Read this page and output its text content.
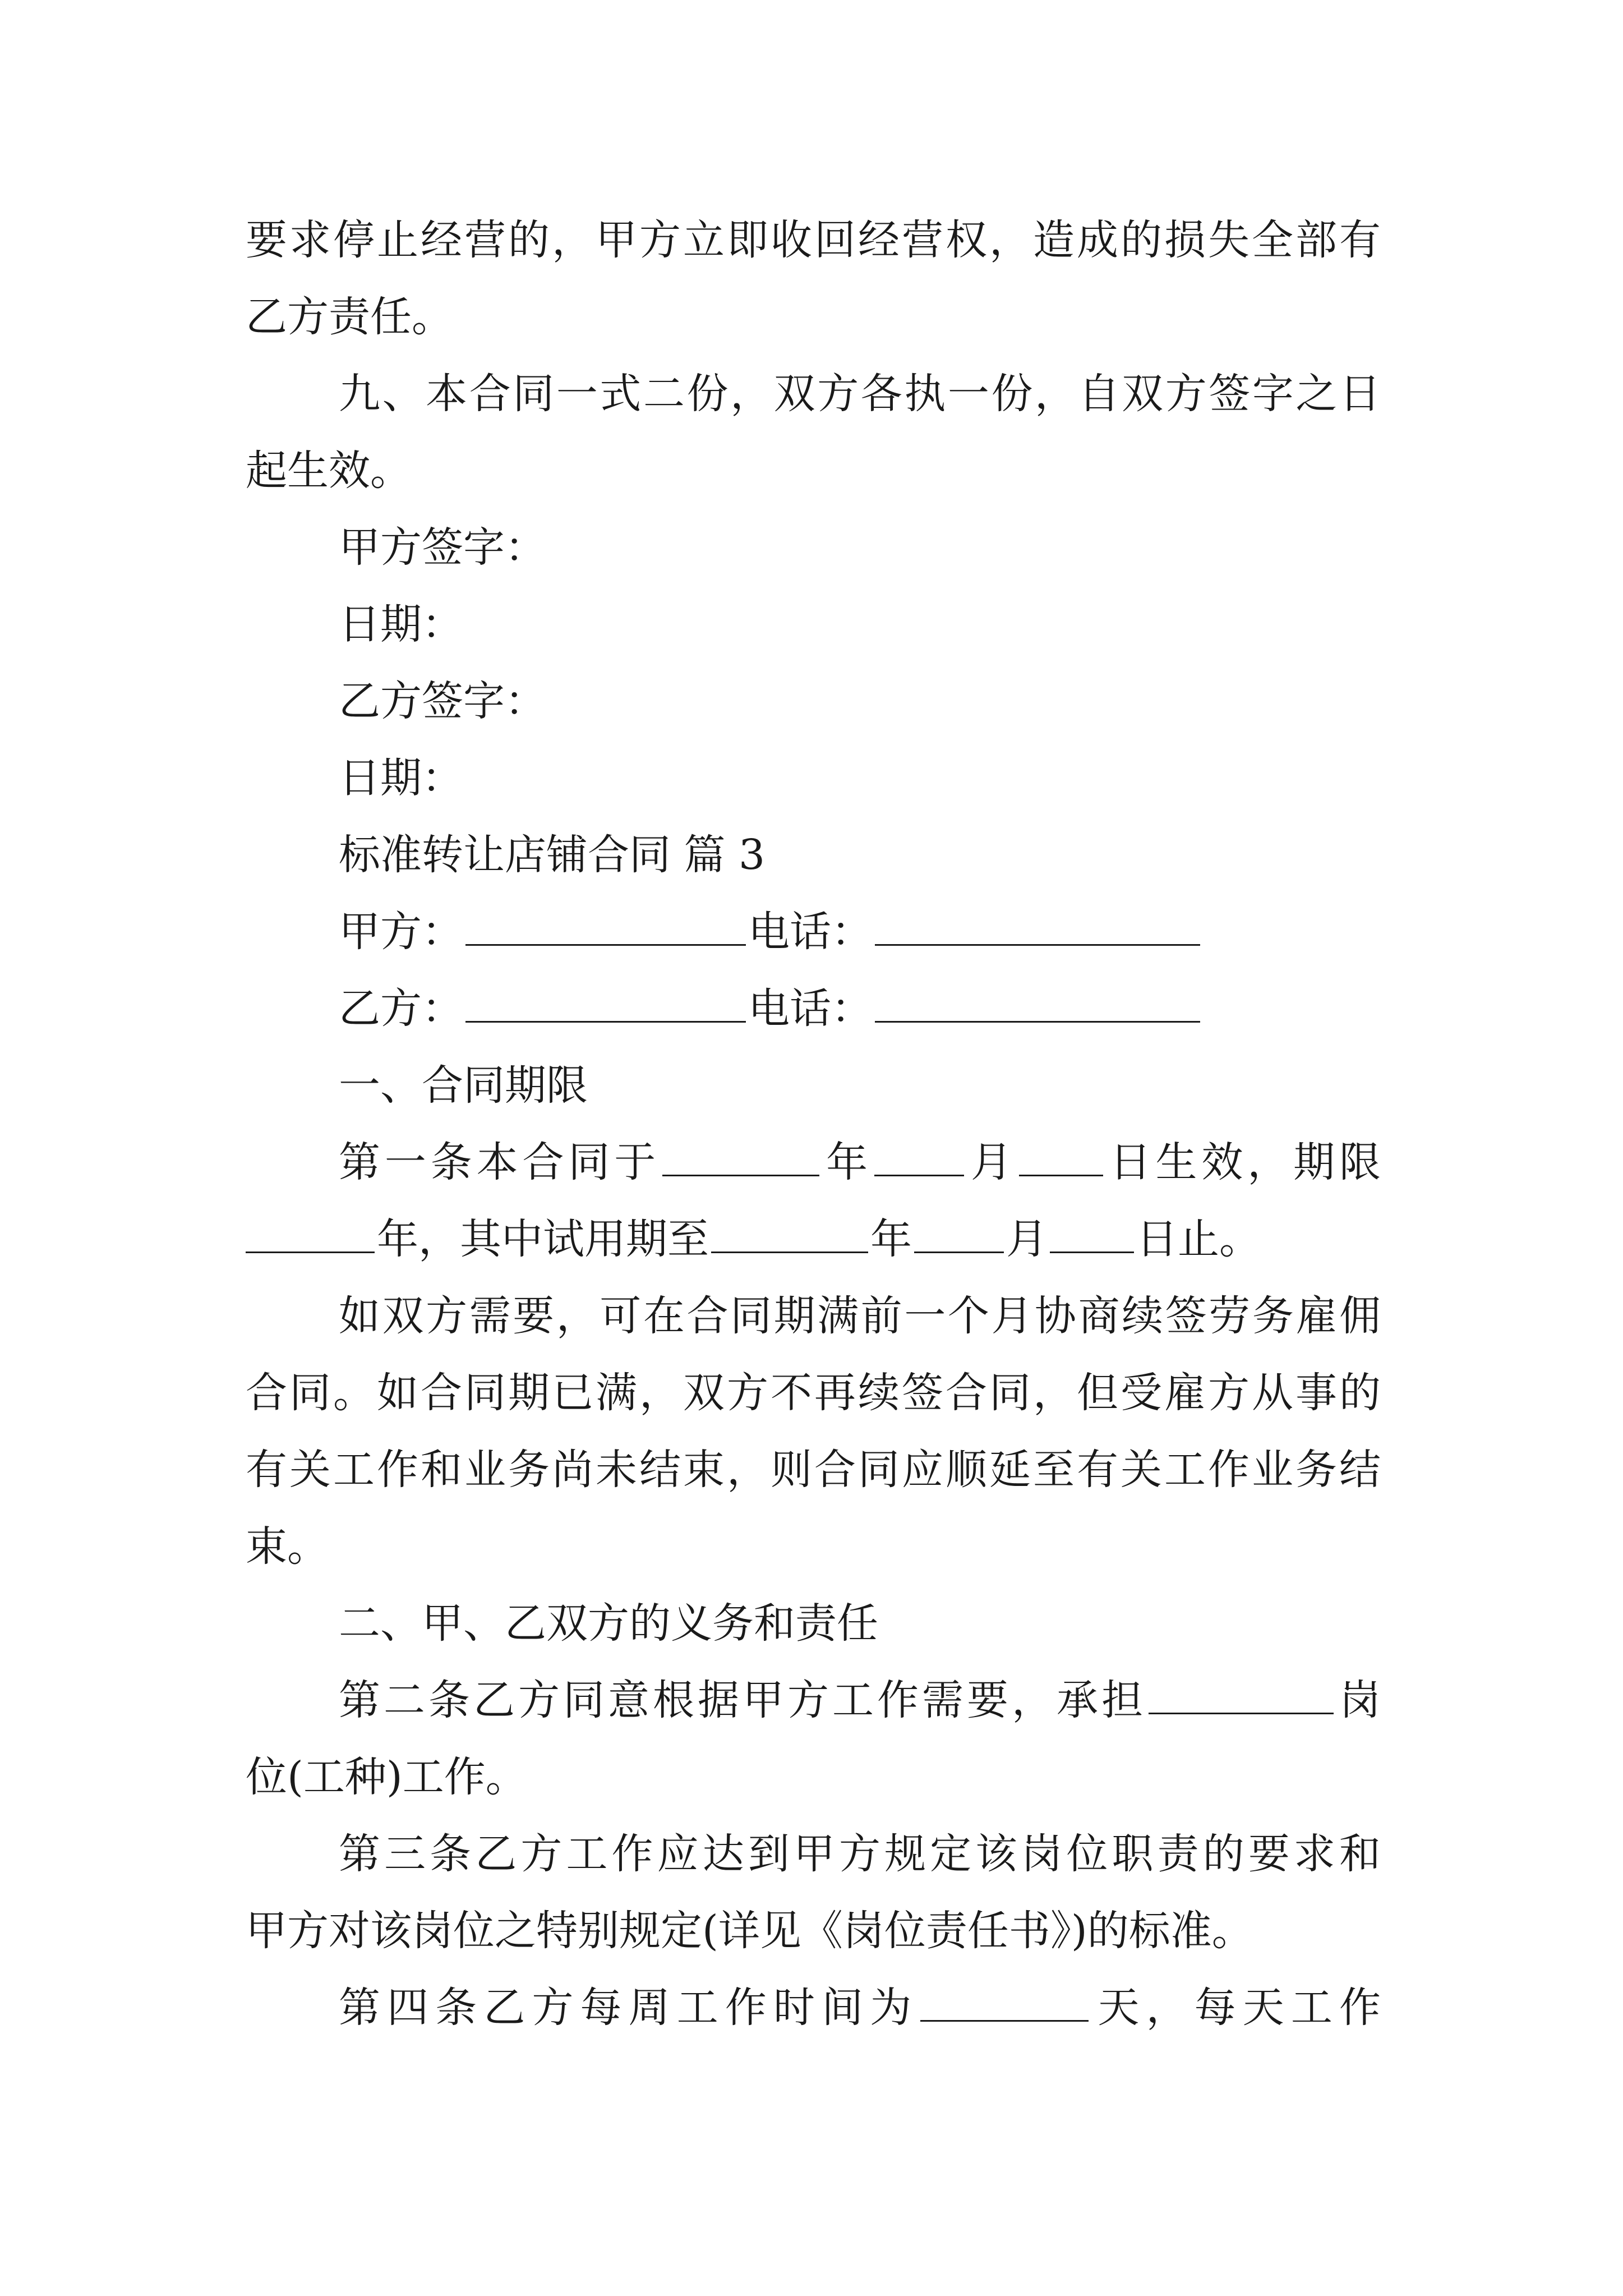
要求停止经营的，甲方立即收回经营权，造成的损失全部有
乙方责任。
九、本合同一式二份，双方各执一份，自双方签字之日
起生效。
甲方签字：
日期：
乙方签字：
日期：
标准转让店铺合同 篇 3
甲方：	电话：
乙方：	电话：
一、合同期限
第一条本合同于	年 月 日生效，期限
年，其中试用期至	年 月 日止。
如双方需要，可在合同期满前一个月协商续签劳务雇佣
合同。如合同期已满，双方不再续签合同，但受雇方从事的
有关工作和业务尚未结束，则合同应顺延至有关工作业务结
束。
二、甲、乙双方的义务和责任
第二条乙方同意根据甲方工作需要，承担	岗
位(工种)工作。
第三条乙方工作应达到甲方规定该岗位职责的要求和
甲方对该岗位之特别规定(详见《岗位责任书》)的标准。
第四条乙方每周工作时间为	天，每天工作
